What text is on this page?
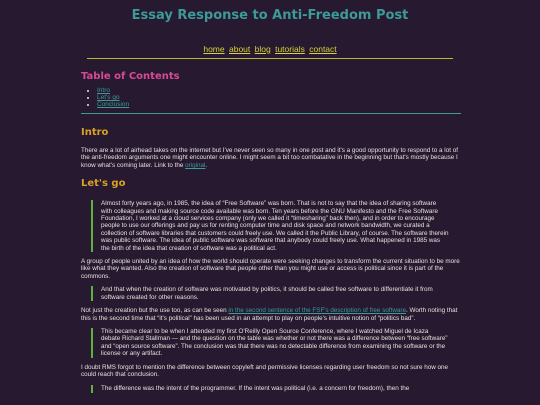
Essay Response to Anti-Freedom Post
home about blog tutorials contact
Table of Contents
• Intro
• Let's go
• Conclusion
Intro

There are a lot of airhead takes on the internet but I've never seen so many in one post and it's a good opportunity to respond to a lot of the anti-freedom arguments one might encounter online. I might seem a bit too combatative in the beginning but that's mostly because I know what's coming later. Link to the original.

Let's go

Almost forty years ago, in 1985, the idea of “Free Software” was born. That is not to say that the idea of sharing software with colleagues and making source code available was born. Ten years before the GNU Manifesto and the Free Software Foundation, I worked at a cloud services company (only we called it “timesharing” back then), and in order to encourage people to use our offerings and pay us for renting computer time and disk space and network bandwidth, we curated a collection of software libraries that customers could freely use. We called it the Public Library, of course. The software therein was public software. The idea of public software was software that anybody could freely use. What happened in 1985 was the birth of the idea that creation of software was a political act.

A group of people united by an idea of how the world should operate were seeking changes to transform the current situation to be more like what they wanted. Also the creation of software that people other than you might use or access is political since it is part of the commons.

And that when the creation of software was motivated by politics, it should be called free software to differentiate it from software created for other reasons.

Not just the creation but the use too, as can be seen in the second sentence of the FSF's description of free software. Worth noting that this is the second time that “it's political” has been used in an attempt to play on people's intuitive notion of “politics bad”.

This became clear to be when I attended my first O'Reilly Open Source Conference, where I watched Miguel de Icaza debate Richard Stallman — and the question on the table was whether or not there was a difference between “free software” and “open source software”. The conclusion was that there was no detectable difference from examining the software or the license or any artifact.

I doubt RMS forgot to mention the difference between copyleft and permissive licenses regarding user freedom so not sure how one could reach that conclusion.

The difference was the intent of the programmer. If the intent was political (i.e. a concern for freedom), then the
